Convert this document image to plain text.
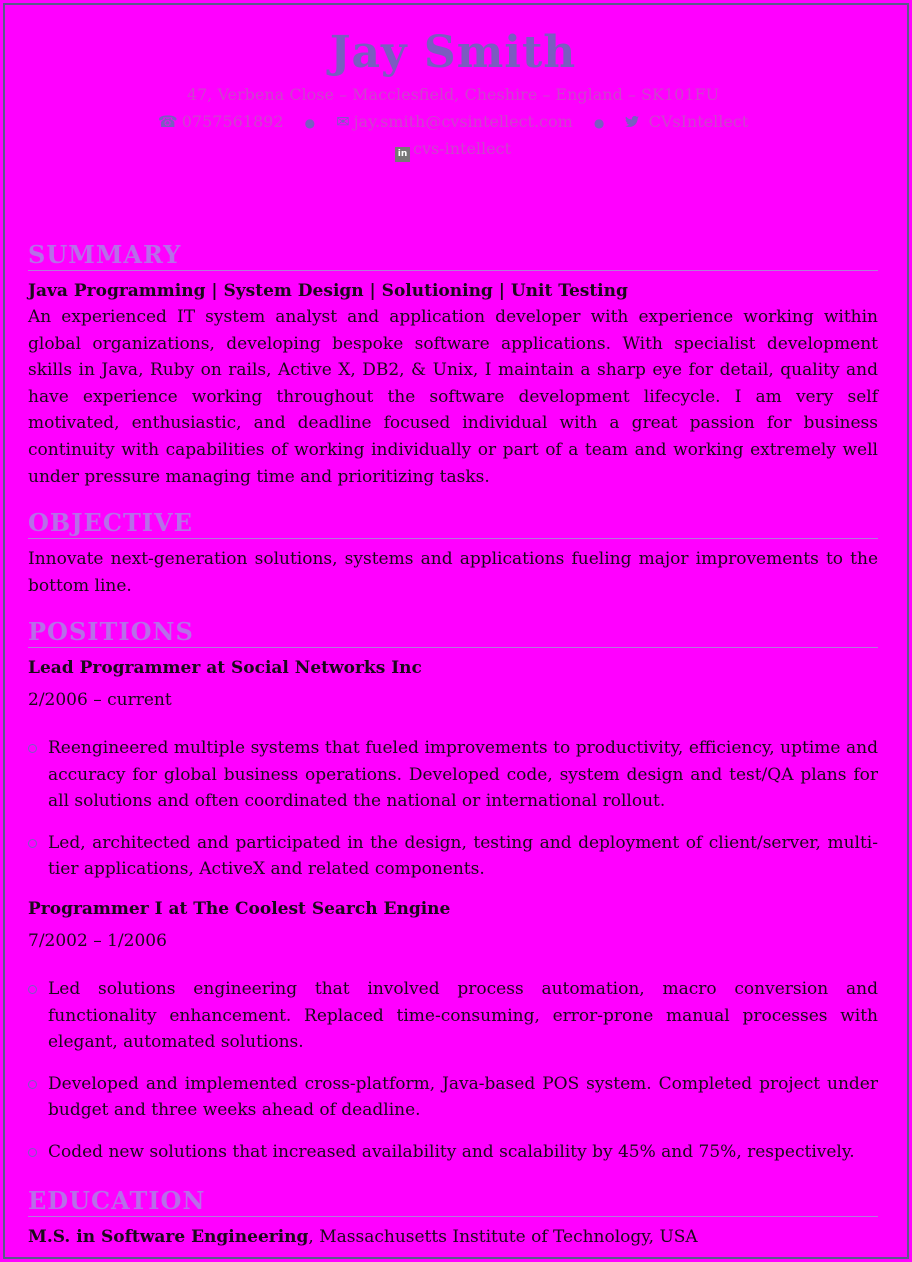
Jay Smith
47, Verbena Close – Macclesfield, Cheshire – England – SK101FU
☎ 0757561892 ● ✉ jay.smith@cvsintellect.com ●	CVsIntellect
in cvs-intellect
SUMMARY
Java Programming | System Design | Solutioning | Unit Testing
An experienced IT system analyst and application developer with experience working within global organizations, developing bespoke software applications. With specialist development skills in Java, Ruby on rails, Active X, DB2, & Unix, I maintain a sharp eye for detail, quality and have experience working throughout the software development lifecycle. I am very self motivated, enthusiastic, and deadline focused individual with a great passion for business continuity with capabilities of working individually or part of a team and working extremely well under pressure managing time and prioritizing tasks.
OBJECTIVE
Innovate next-generation solutions, systems and applications fueling major improvements to the bottom line.
POSITIONS
Lead Programmer at Social Networks Inc
2/2006 – current
Reengineered multiple systems that fueled improvements to productivity, efficiency, uptime and accuracy for global business operations. Developed code, system design and test/QA plans for all solutions and often coordinated the national or international rollout.
Led, architected and participated in the design, testing and deployment of client/server, multi-tier applications, ActiveX and related components.
Programmer I at The Coolest Search Engine
7/2002 – 1/2006
Led solutions engineering that involved process automation, macro conversion and functionality enhancement. Replaced time-consuming, error-prone manual processes with elegant, automated solutions.
Developed and implemented cross-platform, Java-based POS system. Completed project under budget and three weeks ahead of deadline.
Coded new solutions that increased availability and scalability by 45% and 75%, respectively.
EDUCATION
M.S. in Software Engineering, Massachusetts Institute of Technology, USA
